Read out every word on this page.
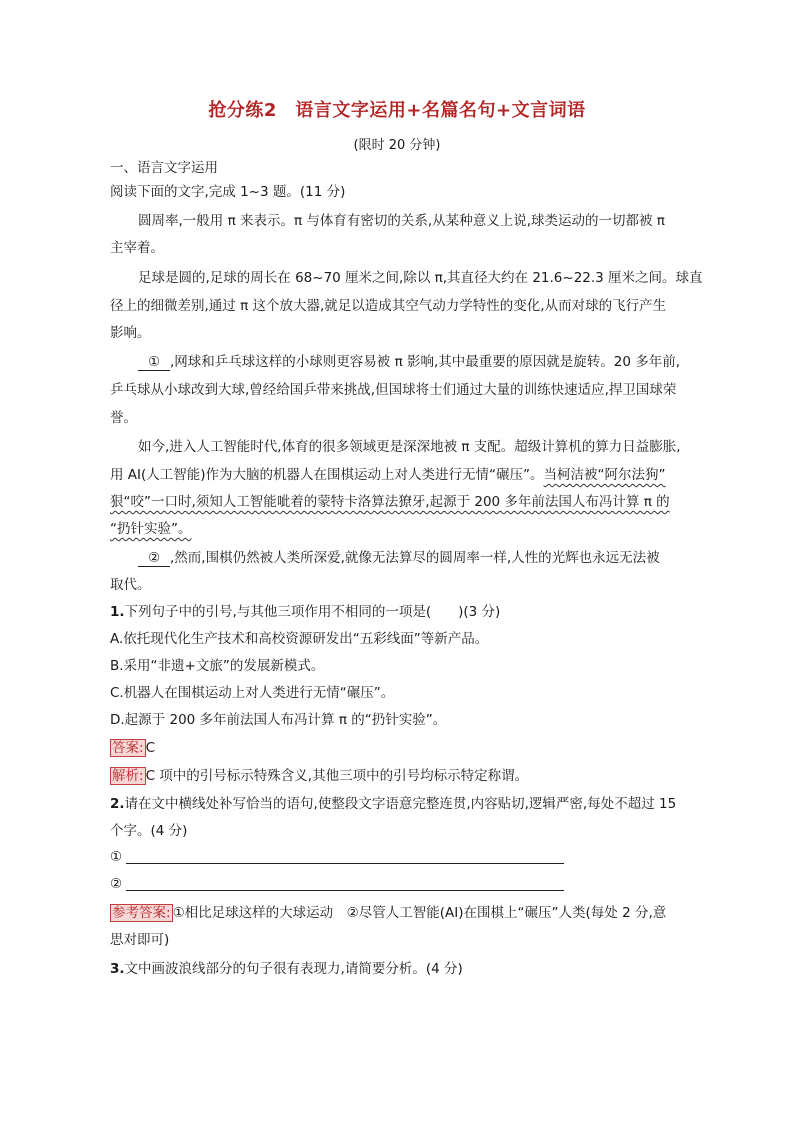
抢分练2　语言文字运用+名篇名句+文言词语
(限时 20 分钟)
一、语言文字运用
阅读下面的文字,完成 1~3 题。(11 分)
圆周率,一般用 π 来表示。π 与体育有密切的关系,从某种意义上说,球类运动的一切都被 π
主宰着。
足球是圆的,足球的周长在 68~70 厘米之间,除以 π,其直径大约在 21.6~22.3 厘米之间。球直
径上的细微差别,通过 π 这个放大器,就足以造成其空气动力学特性的变化,从而对球的飞行产生
影响。
① ,网球和乒乓球这样的小球则更容易被 π 影响,其中最重要的原因就是旋转。20 多年前,
乒乓球从小球改到大球,曾经给国乒带来挑战,但国球将士们通过大量的训练快速适应,捍卫国球荣
誉。
如今,进入人工智能时代,体育的很多领域更是深深地被 π 支配。超级计算机的算力日益膨胀,
用 AI(人工智能)作为大脑的机器人在围棋运动上对人类进行无情“碾压”。当柯洁被“阿尔法狗”
狠“咬”一口时,须知人工智能呲着的蒙特卡洛算法獠牙,起源于 200 多年前法国人布冯计算 π 的
“扔针实验”。
② ,然而,围棋仍然被人类所深爱,就像无法算尽的圆周率一样,人性的光辉也永远无法被
取代。
1.下列句子中的引号,与其他三项作用不相同的一项是(　　)(3 分)
A.依托现代化生产技术和高校资源研发出“五彩线面”等新产品。
B.采用“非遗+文旅”的发展新模式。
C.机器人在围棋运动上对人类进行无情“碾压”。
D.起源于 200 多年前法国人布冯计算 π 的“扔针实验”。
答案: C
解析: C 项中的引号标示特殊含义,其他三项中的引号均标示特定称谓。
2.请在文中横线处补写恰当的语句,使整段文字语意完整连贯,内容贴切,逻辑严密,每处不超过 15
个字。(4 分)
①
②
参考答案: ①相比足球这样的大球运动　②尽管人工智能(AI)在围棋上“碾压”人类(每处 2 分,意
思对即可)
3.文中画波浪线部分的句子很有表现力,请简要分析。(4 分)
